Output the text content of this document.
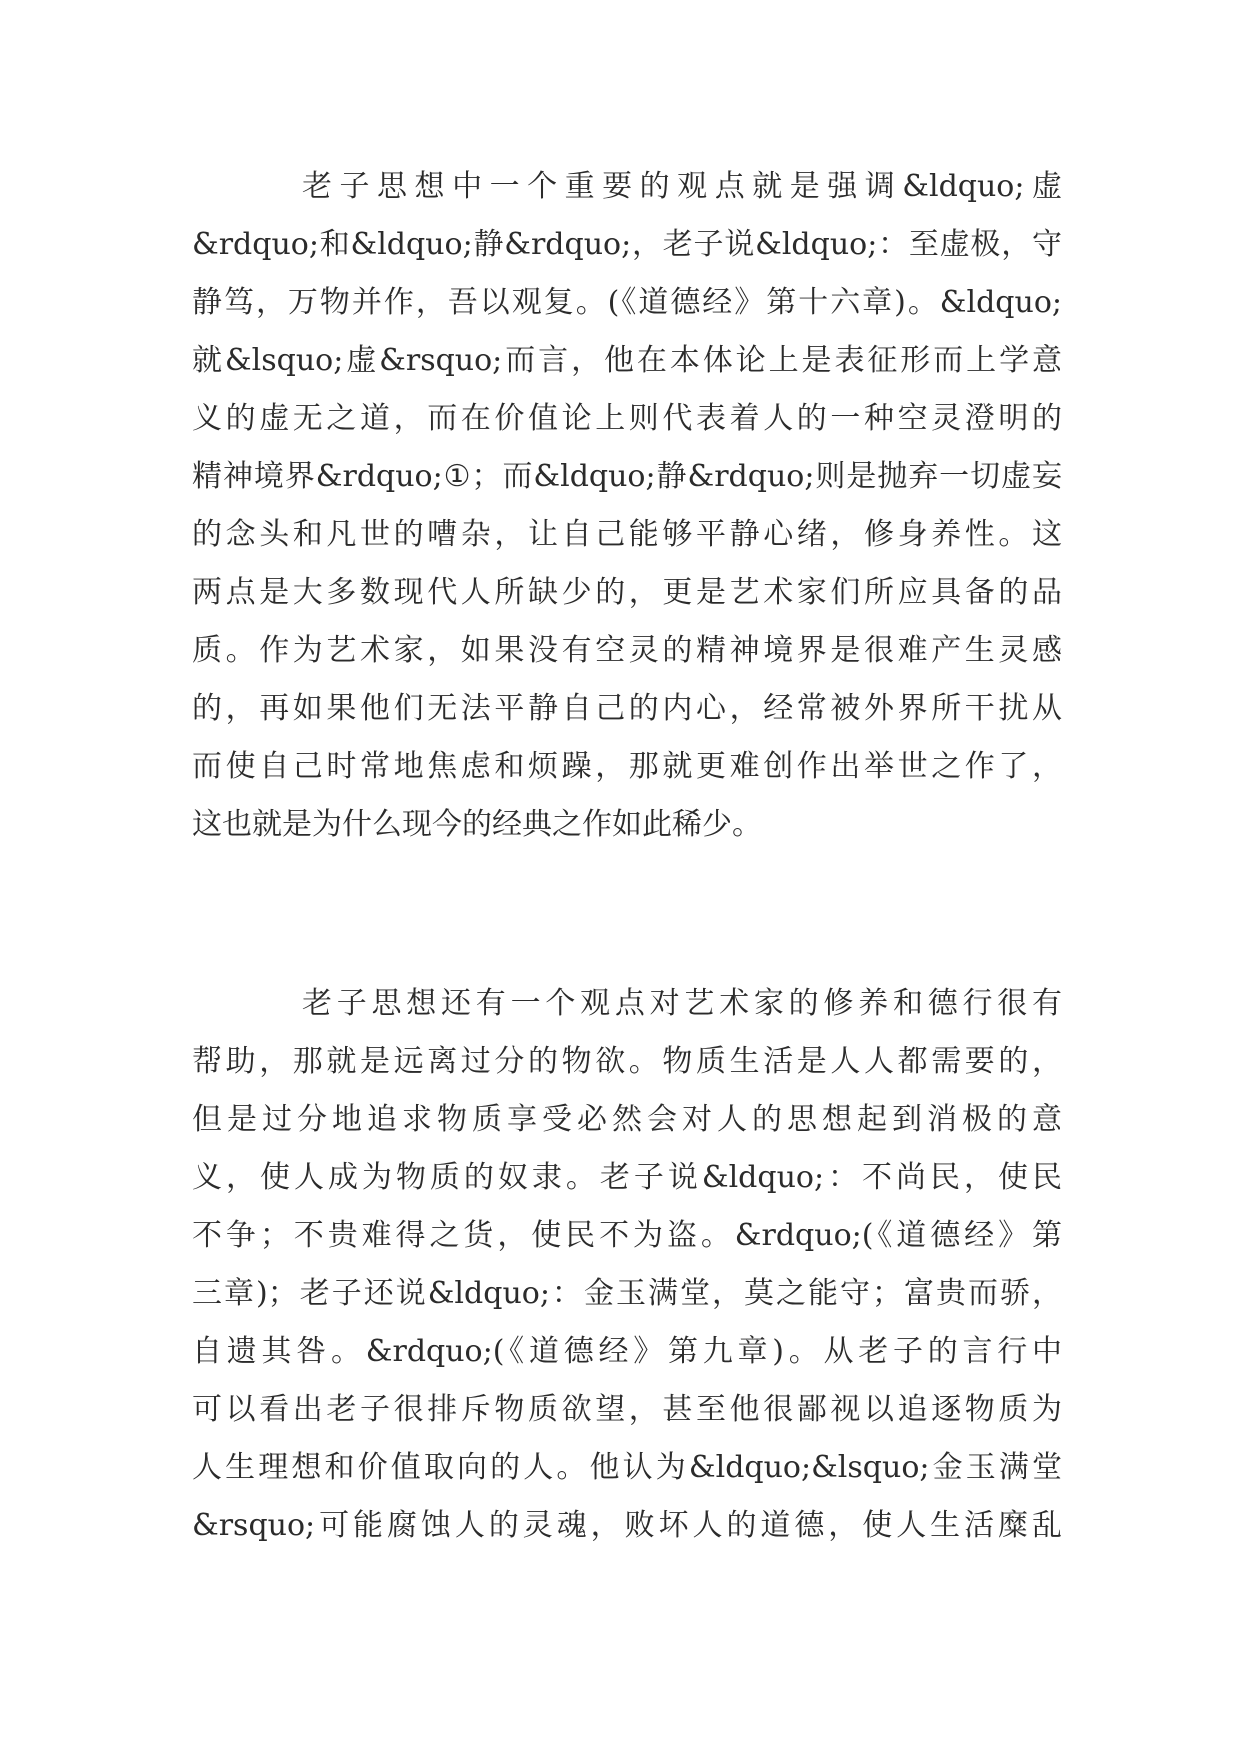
老子思想中一个重要的观点就是强调&ldquo;虚
&rdquo;和&ldquo;静&rdquo;，老子说&ldquo;：至虚极，守
静笃，万物并作，吾以观复。(《道德经》第十六章)。&ldquo;
就&lsquo;虚&rsquo;而言，他在本体论上是表征形而上学意
义的虚无之道，而在价值论上则代表着人的一种空灵澄明的
精神境界&rdquo;①；而&ldquo;静&rdquo;则是抛弃一切虚妄
的念头和凡世的嘈杂，让自己能够平静心绪，修身养性。这
两点是大多数现代人所缺少的，更是艺术家们所应具备的品
质。作为艺术家，如果没有空灵的精神境界是很难产生灵感
的，再如果他们无法平静自己的内心，经常被外界所干扰从
而使自己时常地焦虑和烦躁，那就更难创作出举世之作了，
这也就是为什么现今的经典之作如此稀少。
老子思想还有一个观点对艺术家的修养和德行很有
帮助，那就是远离过分的物欲。物质生活是人人都需要的，
但是过分地追求物质享受必然会对人的思想起到消极的意
义，使人成为物质的奴隶。老子说&ldquo;：不尚民，使民
不争；不贵难得之货，使民不为盗。&rdquo;(《道德经》第
三章)；老子还说&ldquo;：金玉满堂，莫之能守；富贵而骄，
自遗其咎。&rdquo;(《道德经》第九章)。从老子的言行中
可以看出老子很排斥物质欲望，甚至他很鄙视以追逐物质为
人生理想和价值取向的人。他认为&ldquo;&lsquo;金玉满堂
&rsquo;可能腐蚀人的灵魂，败坏人的道德，使人生活糜乱
